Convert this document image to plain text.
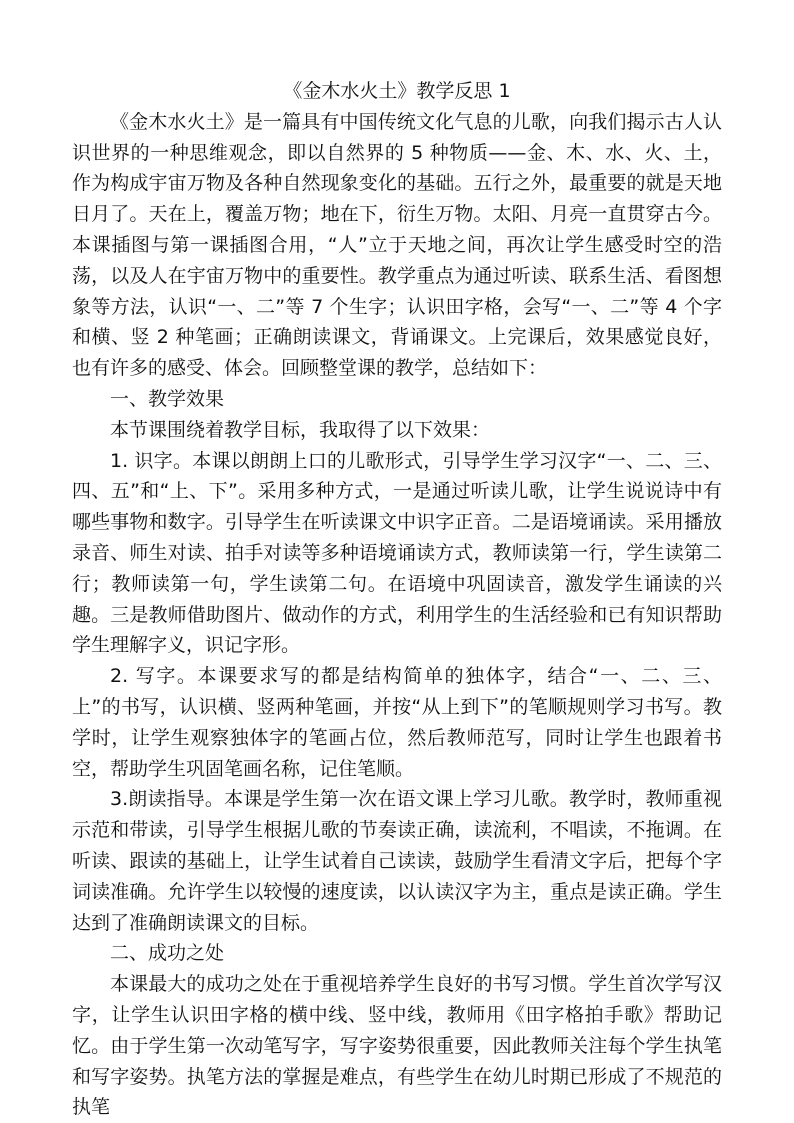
《金木水火土》教学反思 1

《金木水火土》是一篇具有中国传统文化气息的儿歌，向我们揭示古人认识世界的一种思维观念，即以自然界的 5 种物质——金、木、水、火、土，作为构成宇宙万物及各种自然现象变化的基础。五行之外，最重要的就是天地日月了。天在上，覆盖万物；地在下，衍生万物。太阳、月亮一直贯穿古今。本课插图与第一课插图合用，“人”立于天地之间，再次让学生感受时空的浩荡，以及人在宇宙万物中的重要性。教学重点为通过听读、联系生活、看图想象等方法，认识“一、二”等 7 个生字；认识田字格，会写“一、二”等 4 个字和横、竖 2 种笔画；正确朗读课文，背诵课文。上完课后，效果感觉良好，也有许多的感受、体会。回顾整堂课的教学，总结如下：

一、教学效果

本节课围绕着教学目标，我取得了以下效果：

1. 识字。本课以朗朗上口的儿歌形式，引导学生学习汉字“一、二、三、四、五”和“上、下”。采用多种方式，一是通过听读儿歌，让学生说说诗中有哪些事物和数字。引导学生在听读课文中识字正音。二是语境诵读。采用播放录音、师生对读、拍手对读等多种语境诵读方式，教师读第一行，学生读第二行；教师读第一句，学生读第二句。在语境中巩固读音，激发学生诵读的兴趣。三是教师借助图片、做动作的方式，利用学生的生活经验和已有知识帮助学生理解字义，识记字形。

2. 写字。本课要求写的都是结构简单的独体字，结合“一、二、三、上”的书写，认识横、竖两种笔画，并按“从上到下”的笔顺规则学习书写。教学时，让学生观察独体字的笔画占位，然后教师范写，同时让学生也跟着书空，帮助学生巩固笔画名称，记住笔顺。

3.朗读指导。本课是学生第一次在语文课上学习儿歌。教学时，教师重视示范和带读，引导学生根据儿歌的节奏读正确，读流利，不唱读，不拖调。在听读、跟读的基础上，让学生试着自己读读，鼓励学生看清文字后，把每个字词读准确。允许学生以较慢的速度读，以认读汉字为主，重点是读正确。学生达到了准确朗读课文的目标。

二、成功之处

本课最大的成功之处在于重视培养学生良好的书写习惯。学生首次学写汉字，让学生认识田字格的横中线、竖中线，教师用《田字格拍手歌》帮助记忆。由于学生第一次动笔写字，写字姿势很重要，因此教师关注每个学生执笔和写字姿势。执笔方法的掌握是难点，有些学生在幼儿时期已形成了不规范的执笔
